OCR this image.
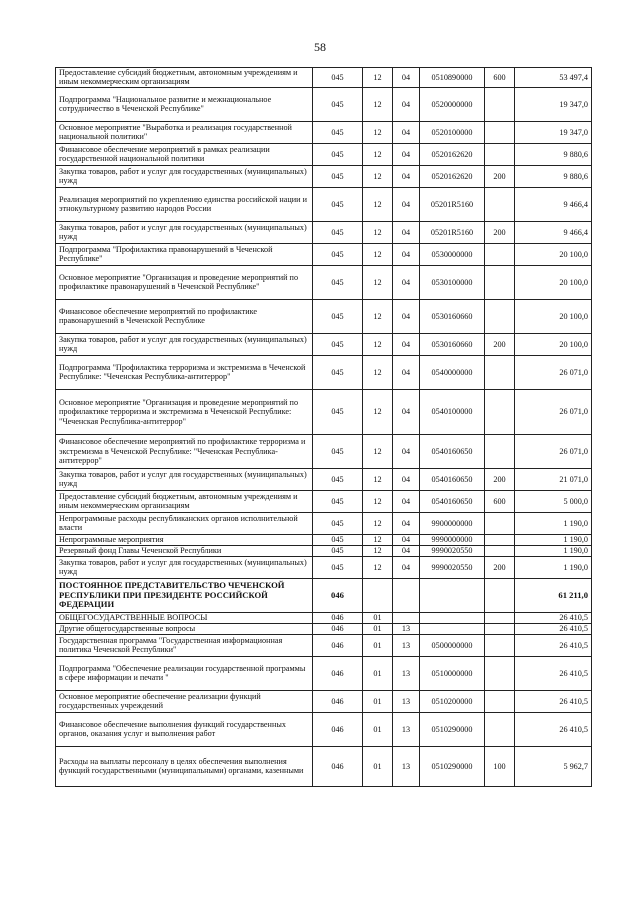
58
Предоставление субсидий бюджетным, автономным учреждениям и иным некоммерческим организациям	045	12	04	0510890000	600	53 497,4
Подпрограмма "Национальное развитие и межнациональное сотрудничество в Чеченской Республике"	045	12	04	0520000000		19 347,0
Основное мероприятие "Выработка и реализация государственной национальной политики"	045	12	04	0520100000		19 347,0
Финансовое обеспечение мероприятий в рамках реализации государственной национальной политики	045	12	04	0520162620		9 880,6
Закупка товаров, работ и услуг для государственных (муниципальных) нужд	045	12	04	0520162620	200	9 880,6
Реализация мероприятий по укреплению единства российской нации и этнокультурному развитию народов России	045	12	04	05201R5160		9 466,4
Закупка товаров, работ и услуг для государственных (муниципальных) нужд	045	12	04	05201R5160	200	9 466,4
Подпрограмма "Профилактика правонарушений в Чеченской Республике"	045	12	04	0530000000		20 100,0
Основное мероприятие "Организация и проведение мероприятий по профилактике правонарушений в Чеченской Республике"	045	12	04	0530100000		20 100,0
Финансовое обеспечение мероприятий по профилактике правонарушений в Чеченской Республике	045	12	04	0530160660		20 100,0
Закупка товаров, работ и услуг для государственных (муниципальных) нужд	045	12	04	0530160660	200	20 100,0
Подпрограмма "Профилактика терроризма и экстремизма в Чеченской Республике: "Чеченская Республика-антитеррор"	045	12	04	0540000000		26 071,0
Основное мероприятие "Организация и проведение мероприятий по профилактике терроризма и экстремизма в Чеченской Республике: "Чеченская Республика-антитеррор"	045	12	04	0540100000		26 071,0
Финансовое обеспечение мероприятий по профилактике терроризма и экстремизма в Чеченской Республике: "Чеченская Республика-антитеррор"	045	12	04	0540160650		26 071,0
Закупка товаров, работ и услуг для государственных (муниципальных) нужд	045	12	04	0540160650	200	21 071,0
Предоставление субсидий бюджетным, автономным учреждениям и иным некоммерческим организациям	045	12	04	0540160650	600	5 000,0
Непрограммные расходы республиканских органов исполнительной власти	045	12	04	9900000000		1 190,0
Непрограммные мероприятия	045	12	04	9990000000		1 190,0
Резервный фонд Главы Чеченской Республики	045	12	04	9990020550		1 190,0
Закупка товаров, работ и услуг для государственных (муниципальных) нужд	045	12	04	9990020550	200	1 190,0
ПОСТОЯННОЕ ПРЕДСТАВИТЕЛЬСТВО ЧЕЧЕНСКОЙ РЕСПУБЛИКИ ПРИ ПРЕЗИДЕНТЕ РОССИЙСКОЙ ФЕДЕРАЦИИ	046					61 211,0
ОБЩЕГОСУДАРСТВЕННЫЕ ВОПРОСЫ	046	01				26 410,5
Другие общегосударственные вопросы	046	01	13			26 410,5
Государственная программа "Государственная информационная политика Чеченской Республики"	046	01	13	0500000000		26 410,5
Подпрограмма "Обеспечение реализации государственной программы в сфере информации и печати "	046	01	13	0510000000		26 410,5
Основное мероприятие обеспечение реализации функций государственных учреждений	046	01	13	0510200000		26 410,5
Финансовое обеспечение выполнения функций государственных органов, оказания услуг и выполнения работ	046	01	13	0510290000		26 410,5
Расходы на выплаты персоналу в целях обеспечения выполнения функций государственными (муниципальными) органами, казенными	046	01	13	0510290000	100	5 962,7
